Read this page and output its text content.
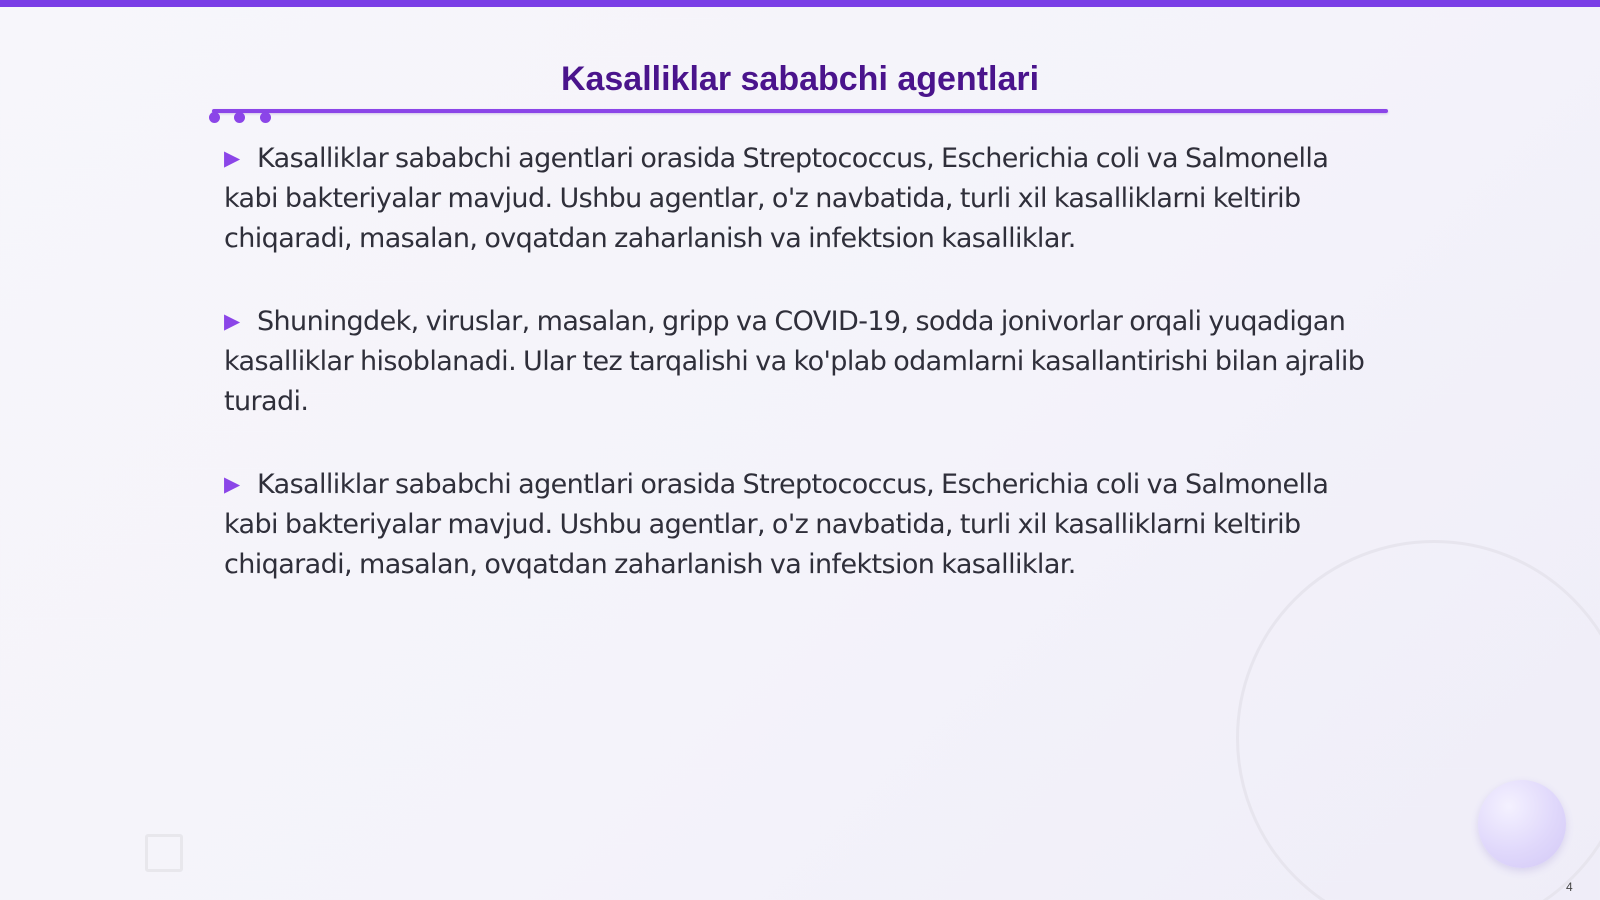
Kasalliklar sababchi agentlari

▶ Kasalliklar sababchi agentlari orasida Streptococcus, Escherichia coli va Salmonella kabi bakteriyalar mavjud. Ushbu agentlar, o'z navbatida, turli xil kasalliklarni keltirib chiqaradi, masalan, ovqatdan zaharlanish va infektsion kasalliklar.

▶ Shuningdek, viruslar, masalan, gripp va COVID-19, sodda jonivorlar orqali yuqadigan kasalliklar hisoblanadi. Ular tez tarqalishi va ko'plab odamlarni kasallantirishi bilan ajralib turadi.

▶ Kasalliklar sababchi agentlari orasida Streptococcus, Escherichia coli va Salmonella kabi bakteriyalar mavjud. Ushbu agentlar, o'z navbatida, turli xil kasalliklarni keltirib chiqaradi, masalan, ovqatdan zaharlanish va infektsion kasalliklar.

4
